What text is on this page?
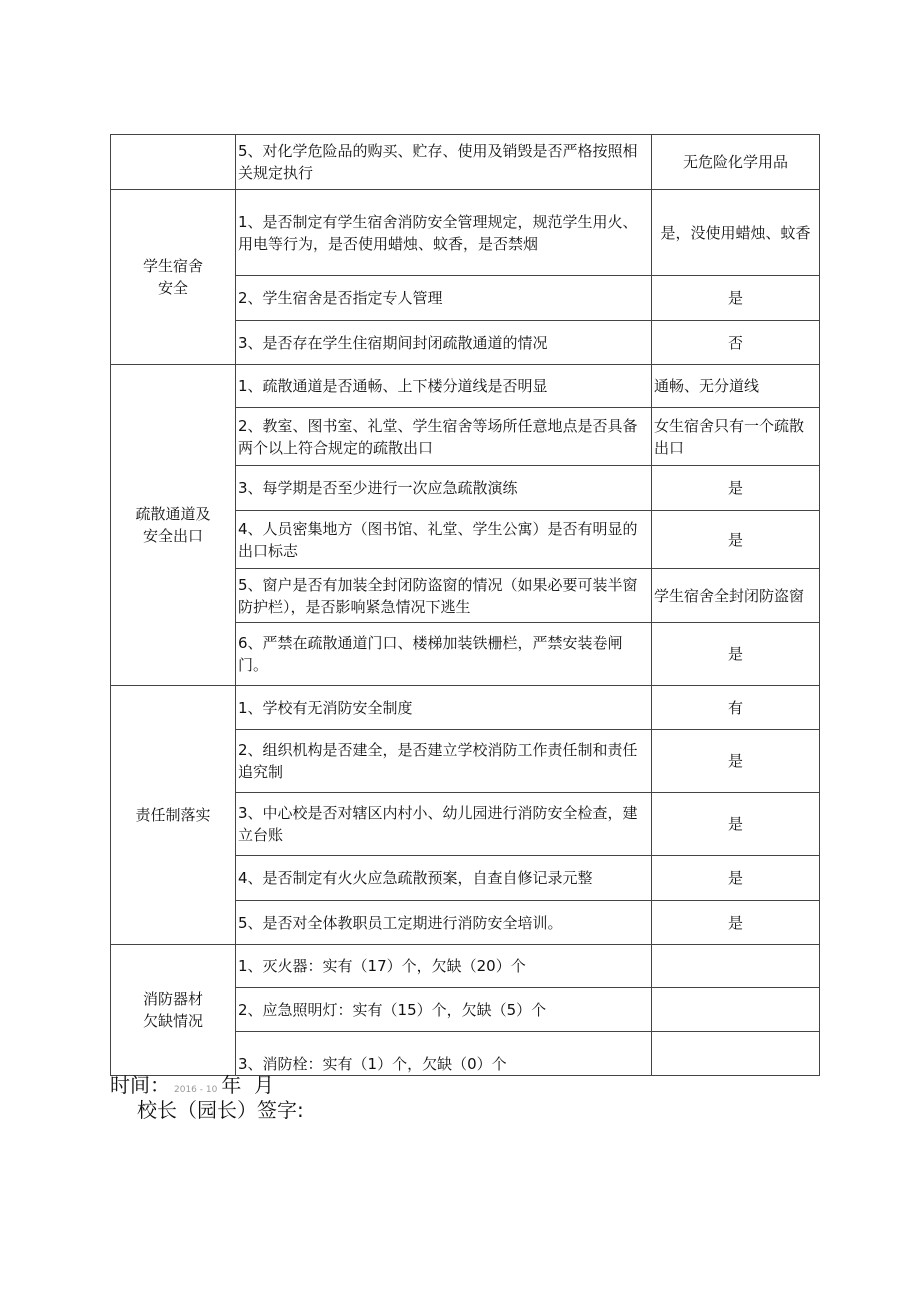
	5、对化学危险品的购买、贮存、使用及销毁是否严格按照相关规定执行	无危险化学用品

学生宿舍
安全	1、是否制定有学生宿舍消防安全管理规定，规范学生用火、用电等行为，是否使用蜡烛、蚊香，是否禁烟	是，没使用蜡烛、蚊香
	2、学生宿舍是否指定专人管理	是
	3、是否存在学生住宿期间封闭疏散通道的情况	否

疏散通道及
安全出口	1、疏散通道是否通畅、上下楼分道线是否明显	通畅、无分道线
	2、教室、图书室、礼堂、学生宿舍等场所任意地点是否具备两个以上符合规定的疏散出口	女生宿舍只有一个疏散出口
	3、每学期是否至少进行一次应急疏散演练	是
	4、人员密集地方（图书馆、礼堂、学生公寓）是否有明显的出口标志	是
	5、窗户是否有加装全封闭防盗窗的情况（如果必要可装半窗防护栏），是否影响紧急情况下逃生	学生宿舍全封闭防盗窗
	6、严禁在疏散通道门口、楼梯加装铁栅栏，严禁安装卷闸门。	是

责任制落实	1、学校有无消防安全制度	有
	2、组织机构是否建全，是否建立学校消防工作责任制和责任追究制	是
	3、中心校是否对辖区内村小、幼儿园进行消防安全检查，建立台账	是
	4、是否制定有火火应急疏散预案，自查自修记录元整	是
	5、是否对全体教职员工定期进行消防安全培训。	是

消防器材
欠缺情况	1、灭火器：实有（17）个，欠缺（20）个	
	2、应急照明灯：实有（15）个，欠缺（5）个	
	3、消防栓：实有（1）个，欠缺（0）个	
时间： 2016 - 10 年 月
校长（园长）签字:
